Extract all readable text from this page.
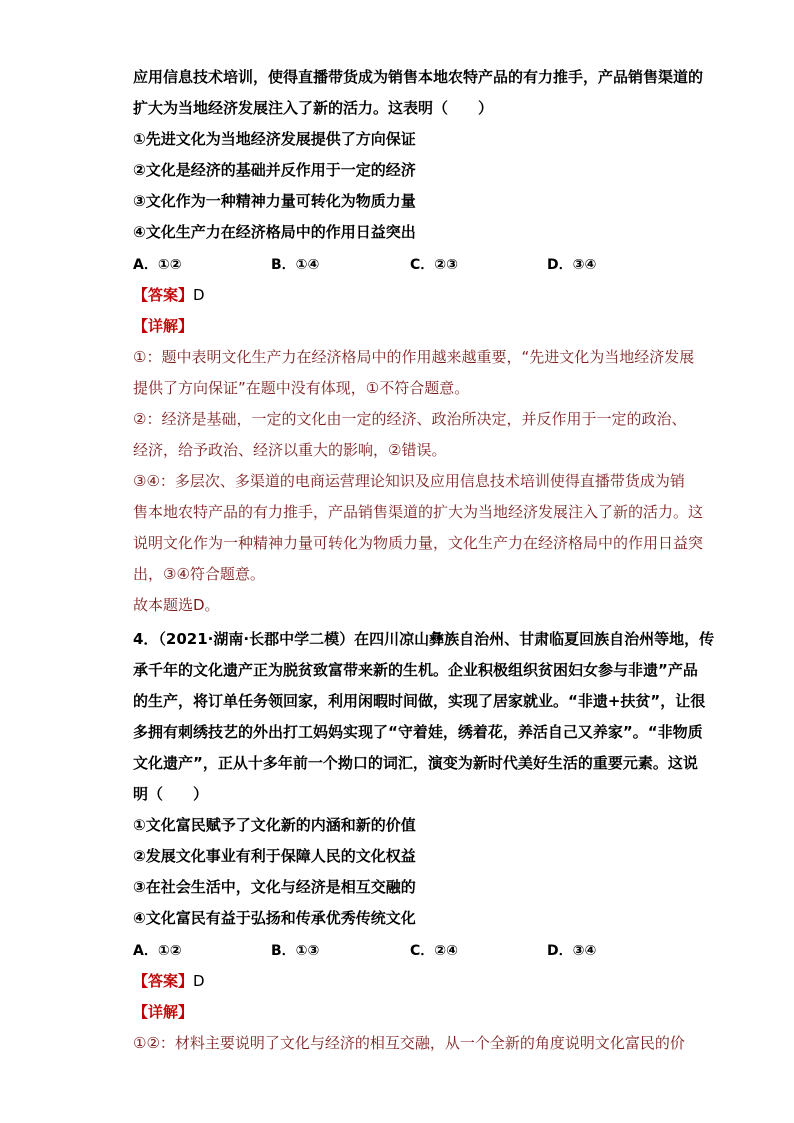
应用信息技术培训，使得直播带货成为销售本地农特产品的有力推手，产品销售渠道的
扩大为当地经济发展注入了新的活力。这表明（　　）
①先进文化为当地经济发展提供了方向保证
②文化是经济的基础并反作用于一定的经济
③文化作为一种精神力量可转化为物质力量
④文化生产力在经济格局中的作用日益突出
A．①②	B．①④	C．②③	D．③④
【答案】D
【详解】
①：题中表明文化生产力在经济格局中的作用越来越重要，“先进文化为当地经济发展
提供了方向保证”在题中没有体现，①不符合题意。
②：经济是基础，一定的文化由一定的经济、政治所决定，并反作用于一定的政治、
经济，给予政治、经济以重大的影响，②错误。
③④：多层次、多渠道的电商运营理论知识及应用信息技术培训使得直播带货成为销
售本地农特产品的有力推手，产品销售渠道的扩大为当地经济发展注入了新的活力。这
说明文化作为一种精神力量可转化为物质力量，文化生产力在经济格局中的作用日益突
出，③④符合题意。
故本题选D。
4．（2021·湖南·长郡中学二模）在四川凉山彝族自治州、甘肃临夏回族自治州等地，传
承千年的文化遗产正为脱贫致富带来新的生机。企业积极组织贫困妇女参与非遗”产品
的生产，将订单任务领回家，利用闲暇时间做，实现了居家就业。“非遗+扶贫”，让很
多拥有刺绣技艺的外出打工妈妈实现了“守着娃，绣着花，养活自己又养家”。“非物质
文化遗产”，正从十多年前一个拗口的词汇，演变为新时代美好生活的重要元素。这说
明（　　）
①文化富民赋予了文化新的内涵和新的价值
②发展文化事业有利于保障人民的文化权益
③在社会生活中，文化与经济是相互交融的
④文化富民有益于弘扬和传承优秀传统文化
A．①②	B．①③	C．②④	D．③④
【答案】D
【详解】
①②：材料主要说明了文化与经济的相互交融，从一个全新的角度说明文化富民的价
